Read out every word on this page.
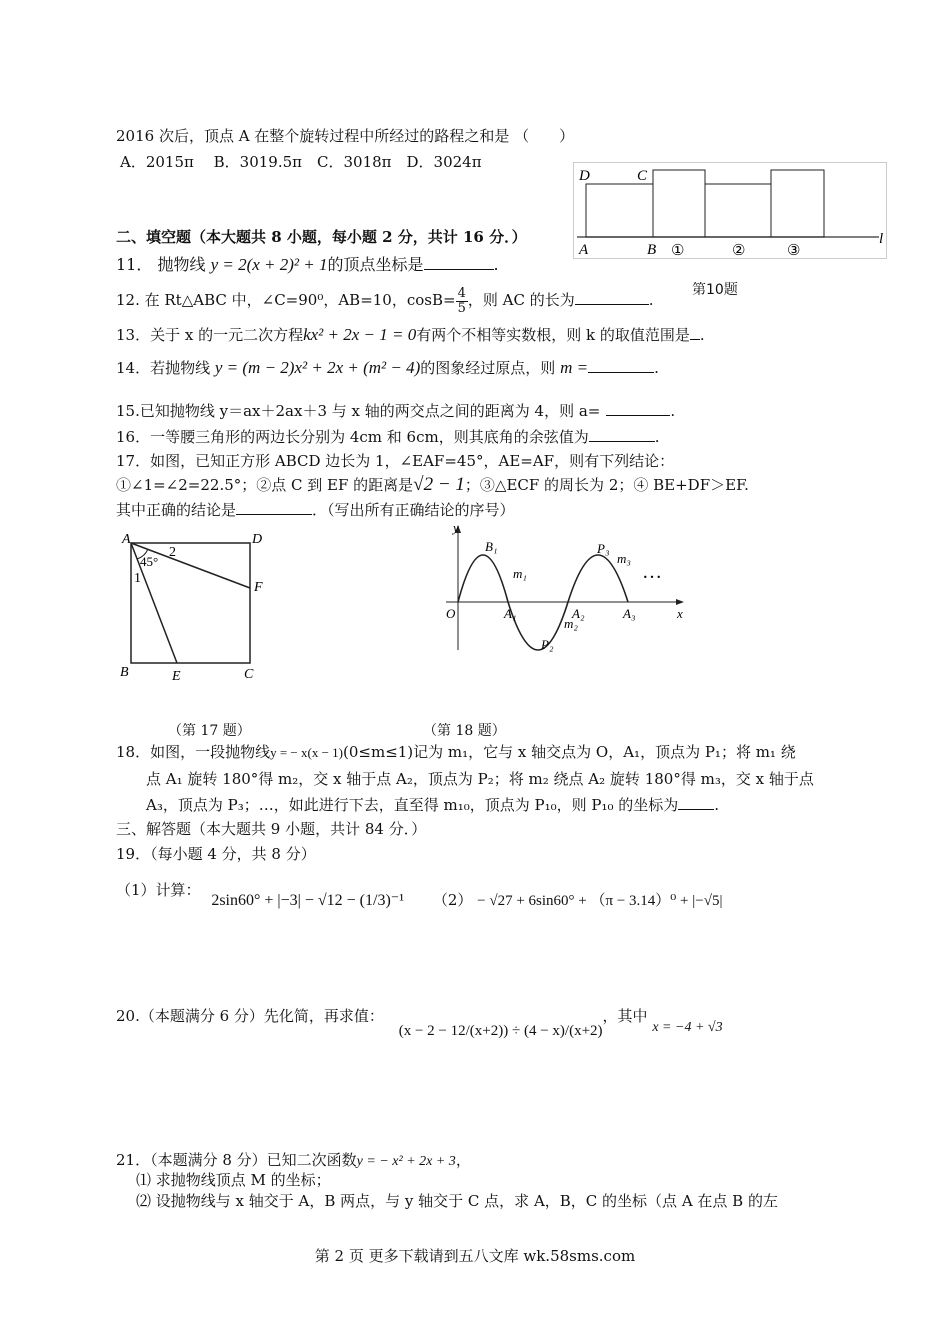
2016 次后，顶点 A 在整个旋转过程中所经过的路程之和是 （　　）
A．2015π　 B．3019.5π　C．3018π　D．3024π
D	C
A	B ①	②	③
l
第10题
二、填空题（本大题共 8 小题，每小题 2 分，共计 16 分．）
11． 抛物线 y = 2(x + 2)² + 1的顶点坐标是	.
12. 在 Rt△ABC 中，∠C=90⁰，AB=10，$\cos B= \frac{4}{5}$ ，则 AC 的长为	.
13．关于 x 的一元二次方程kx² + 2x − 1 = 0有两个不相等实数根，则 k 的取值范围是 .
14．若抛物线 y = (m − 2)x² + 2x + (m² − 4)的图象经过原点，则 m =	.
15.已知抛物线 y＝ax＋2ax＋3 与 x 轴的两交点之间的距离为 4，则 a=	.
16．一等腰三角形的两边长分别为 4cm 和 6cm，则其底角的余弦值为	.
17．如图，已知正方形 ABCD 边长为 1，∠EAF=45°，AE=AF，则有下列结论：
①∠1=∠2=22.5°；②点 C 到 EF 的距离是√2 − 1；③△ECF 的周长为 2；④ BE+DF＞EF.
其中正确的结论是	．（写出所有正确结论的序号）
A	D
B	C
E
F
1
2
45°
（第 17 题）
y
x
O
B₁
m₁
A₁
P₃
m₃
A₂	A₃
m₂
P₂
…
（第 18 题）
18．如图，一段抛物线y = − x(x − 1)(0≤m≤1)记为 m₁，它与 x 轴交点为 O，A₁，顶点为 P₁；将 m₁ 绕
点 A₁ 旋转 180°得 m₂，交 x 轴于点 A₂，顶点为 P₂；将 m₂ 绕点 A₂ 旋转 180°得 m₃，交 x 轴于点
A₃，顶点为 P₃；…，如此进行下去，直至得 m₁₀，顶点为 P₁₀，则 P₁₀ 的坐标为 .
三、解答题（本大题共 9 小题，共计 84 分．）
19．（每小题 4 分，共 8 分）
（1）计算： 2sin60° + |−3| − √12 − (1/3)⁻¹ （2） − √27 + 6sin60° + （π − 3.14）⁰ + |−√5|
20.（本题满分 6 分）先化简，再求值： (x − 2 − 12/(x+2)) ÷ (4 − x)/(x+2)，其中 x = −4 + √3
21．（本题满分 8 分）已知二次函数y = − x² + 2x + 3，
⑴ 求抛物线顶点 M 的坐标；
⑵ 设抛物线与 x 轴交于 A，B 两点，与 y 轴交于 C 点，求 A，B，C 的坐标（点 A 在点 B 的左
第 2 页 更多下载请到五八文库 wk.58sms.com
